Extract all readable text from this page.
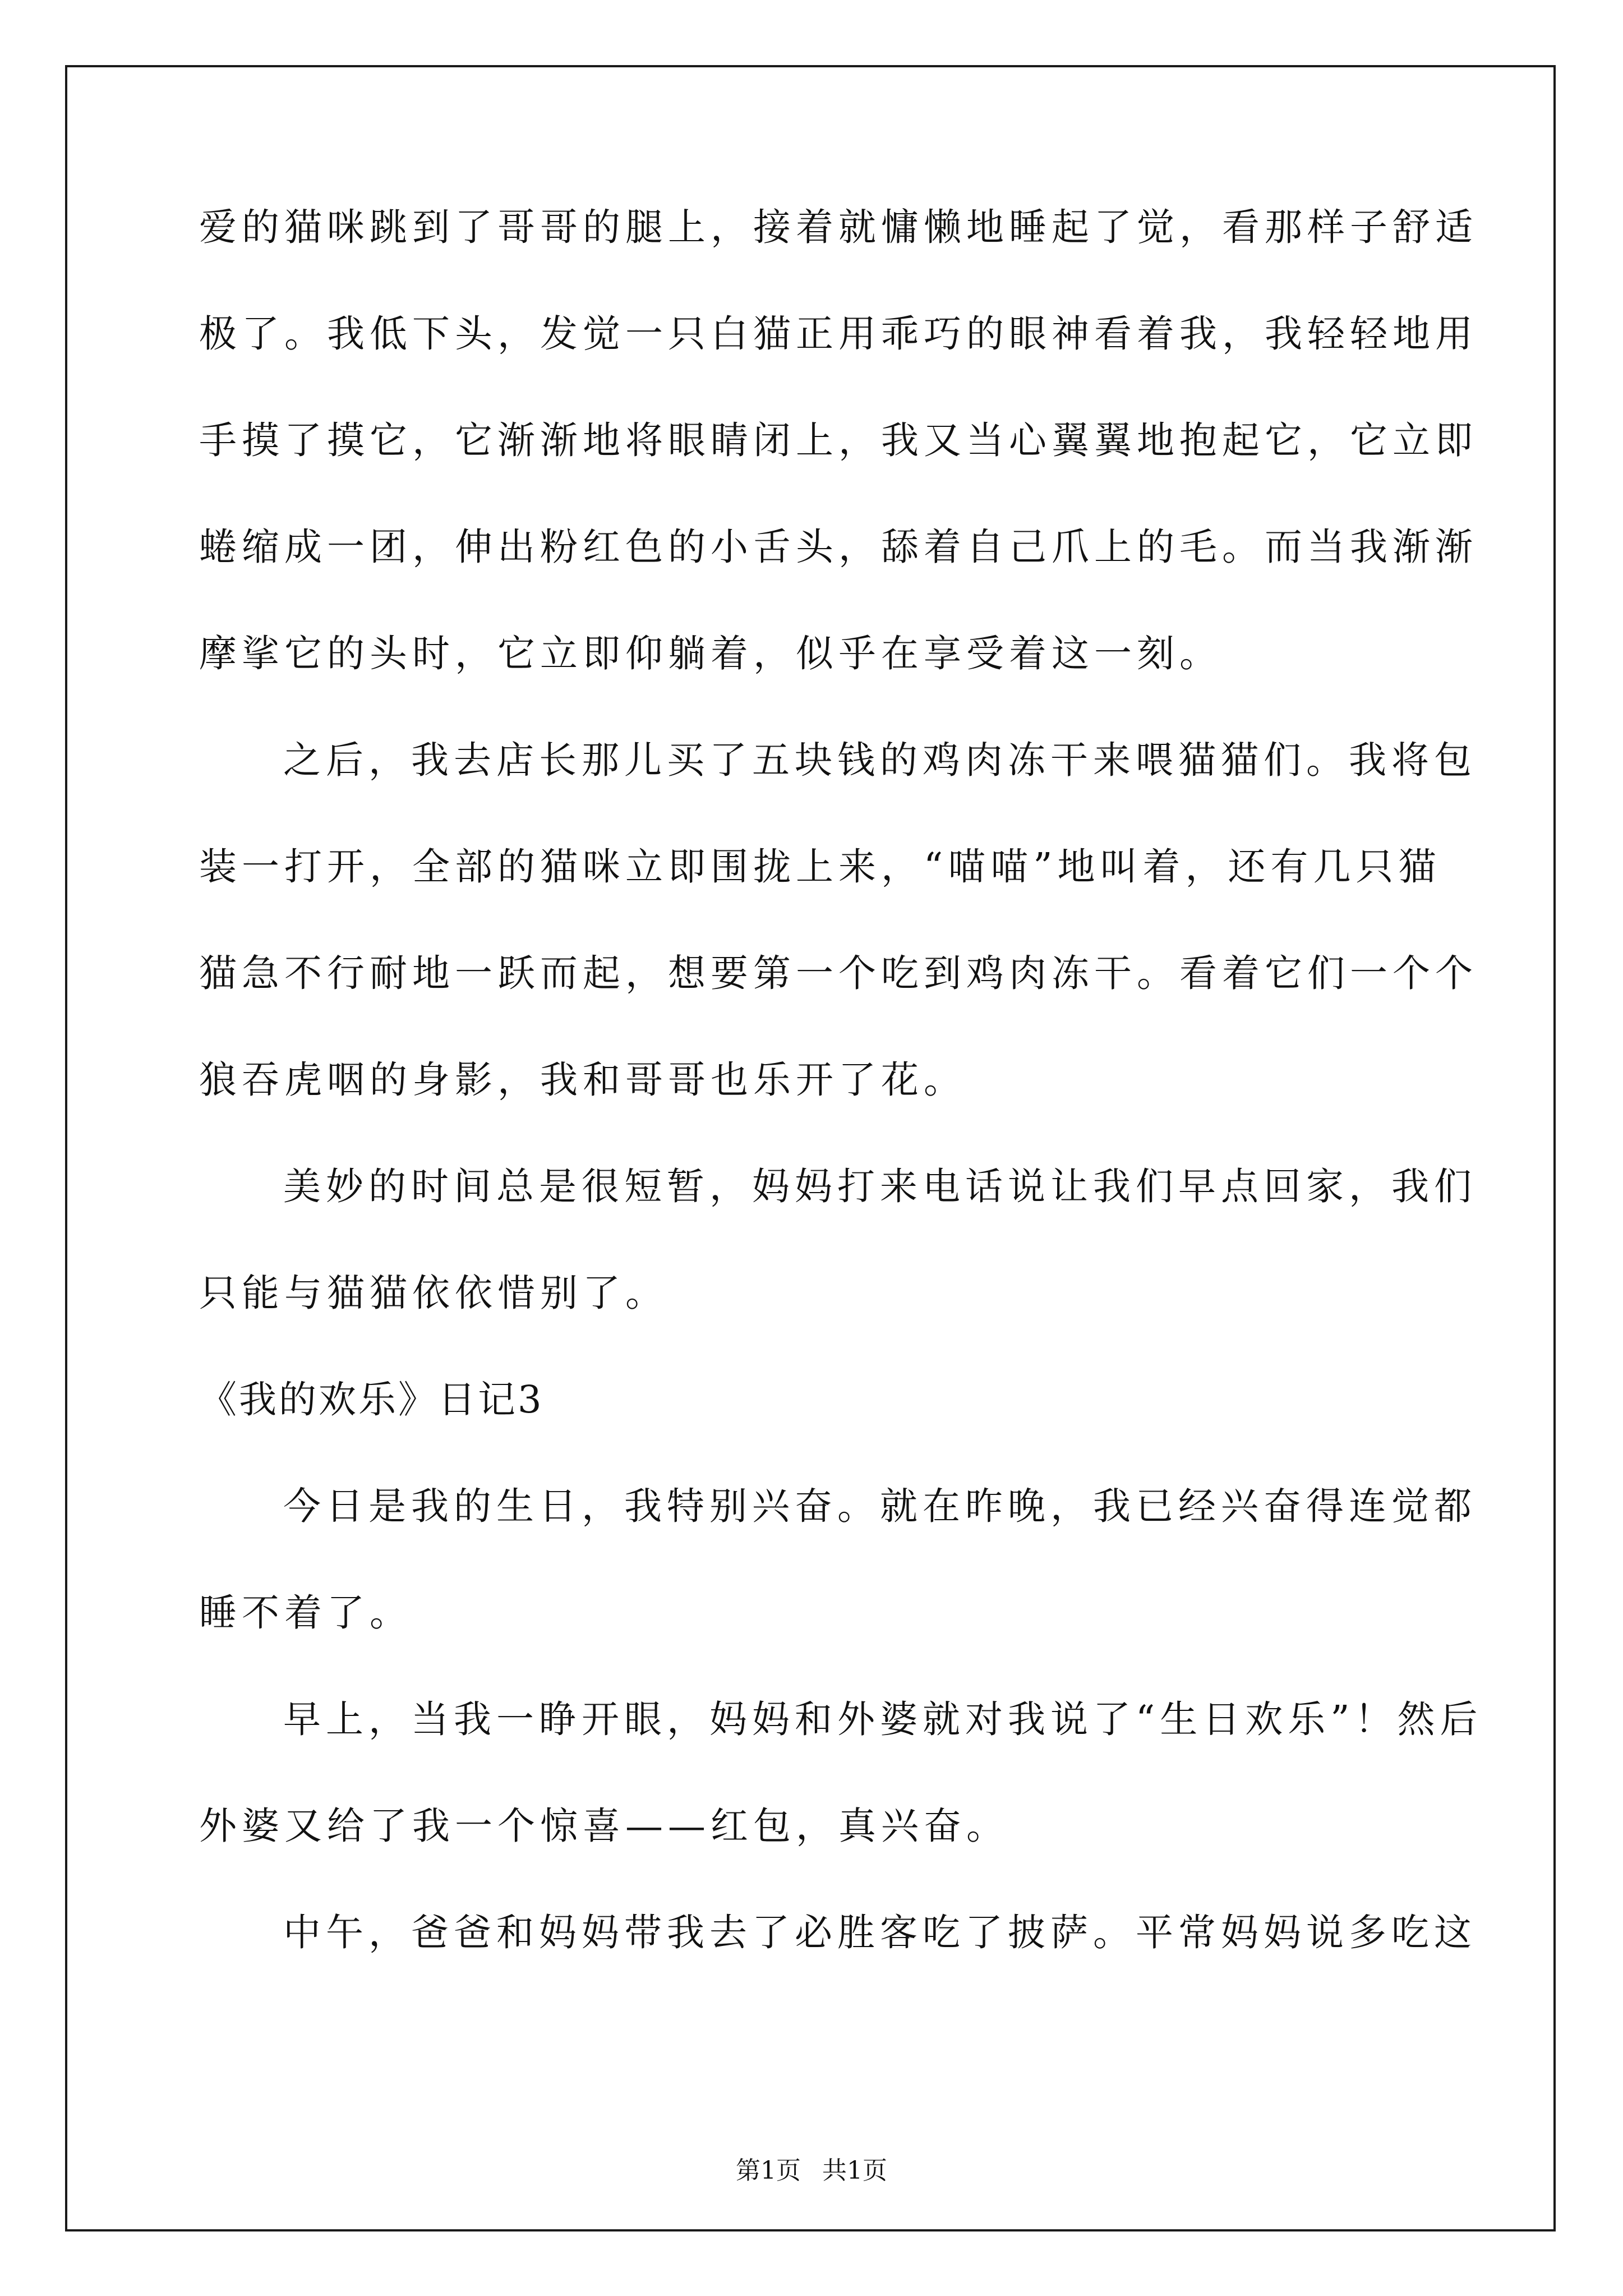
爱的猫咪跳到了哥哥的腿上，接着就慵懒地睡起了觉，看那样子舒适
极了。我低下头，发觉一只白猫正用乖巧的眼神看着我，我轻轻地用
手摸了摸它，它渐渐地将眼睛闭上，我又当心翼翼地抱起它，它立即
蜷缩成一团，伸出粉红色的小舌头，舔着自己爪上的毛。而当我渐渐
摩挲它的头时，它立即仰躺着，似乎在享受着这一刻。
之后，我去店长那儿买了五块钱的鸡肉冻干来喂猫猫们。我将包
装一打开，全部的猫咪立即围拢上来，“喵喵”地叫着，还有几只猫
猫急不行耐地一跃而起，想要第一个吃到鸡肉冻干。看着它们一个个
狼吞虎咽的身影，我和哥哥也乐开了花。
美妙的时间总是很短暂，妈妈打来电话说让我们早点回家，我们
只能与猫猫依依惜别了。
《我的欢乐》日记3
今日是我的生日，我特别兴奋。就在昨晚，我已经兴奋得连觉都
睡不着了。
早上，当我一睁开眼，妈妈和外婆就对我说了“生日欢乐”！然后
外婆又给了我一个惊喜——红包，真兴奋。
中午，爸爸和妈妈带我去了必胜客吃了披萨。平常妈妈说多吃这
第1页 共1页
